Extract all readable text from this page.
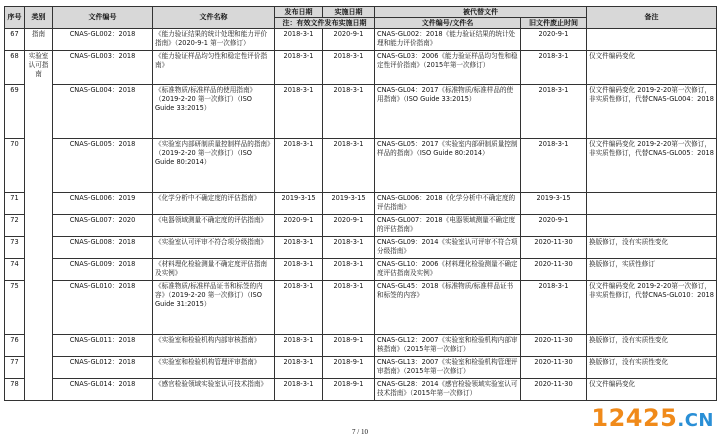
序号	类别	文件编号	文件名称	发布日期	实施日期	被代替文件		备注
				注：有效文件发布实施日期		文件编号/文件名	旧文件废止时间	
67	指南	CNAS-GL002：2018	《能力验证结果的统计处理和能力评价指南》（2020-9-1 第一次修订）	2018-3-1	2020-9-1	CNAS-GL002：2018《能力验证结果的统计处理和能力评价指南》	2020-9-1	
68	实验室认可指南	CNAS-GL003：2018	《能力验证样品均匀性和稳定性评价指南》	2018-3-1	2018-3-1	CNAS-GL03：2006《能力验证样品均匀性和稳定性评价指南》（2015年第一次修订）	2018-3-1	仅文件编码变化
69		CNAS-GL004：2018	《标准物质/标准样品的使用指南》（2019-2-20 第一次修订）（ISO Guide 33:2015）	2018-3-1	2018-3-1	CNAS-GL04：2017《标准物质/标准样品的使用指南》（ISO Guide 33:2015）	2018-3-1	仅文件编码变化 2019-2-20第一次修订，非实质性修订，代替CNAS-GL004：2018
70		CNAS-GL005：2018	《实验室内部研制质量控制样品的指南》（2019-2-20 第一次修订）（ISO Guide 80:2014）	2018-3-1	2018-3-1	CNAS-GL05：2017《实验室内部研制质量控制样品的指南》（ISO Guide 80:2014）	2018-3-1	仅文件编码变化 2019-2-20第一次修订，非实质性修订，代替CNAS-GL005：2018
71		CNAS-GL006：2019	《化学分析中不确定度的评估指南》	2019-3-15	2019-3-15	CNAS-GL006：2018《化学分析中不确定度的评估指南》	2019-3-15	
72		CNAS-GL007：2020	《电器领域测量不确定度的评估指南》	2020-9-1	2020-9-1	CNAS-GL007：2018《电器领域测量不确定度的评估指南》	2020-9-1	
73		CNAS-GL008：2018	《实验室认可评审不符合项分级指南》	2018-3-1	2018-3-1	CNAS-GL09：2014《实验室认可评审不符合项分级指南》	2020-11-30	换版修订，没有实质性变化
74		CNAS-GL009：2018	《材料理化检验测量不确定度评估指南及实例》	2018-3-1	2018-3-1	CNAS-GL10：2006《材料理化检验测量不确定度评估指南及实例》	2020-11-30	换版修订，实质性修订
75		CNAS-GL010：2018	《标准物质/标准样品证书和标签的内容》（2019-2-20 第一次修订）（ISO Guide 31:2015）	2018-3-1	2018-3-1	CNAS-GL45：2018《标准物质/标准样品证书和标签的内容》	2018-3-1	仅文件编码变化 2019-2-20第一次修订，非实质性修订，代替CNAS-GL010：2018
76		CNAS-GL011：2018	《实验室和检验机构内部审核指南》	2018-3-1	2018-9-1	CNAS-GL12：2007《实验室和检验机构内部审核指南》（2015年第一次修订）	2020-11-30	换版修订，没有实质性变化
77		CNAS-GL012：2018	《实验室和检验机构管理评审指南》	2018-3-1	2018-9-1	CNAS-GL13：2007《实验室和检验机构管理评审指南》（2015年第一次修订）	2020-11-30	换版修订，没有实质性变化
78		CNAS-GL014：2018	《感官检验领域实验室认可技术指南》	2018-3-1	2018-9-1	CNAS-GL28：2014《感官检验领域实验室认可技术指南》（2015年第一次修订）	2020-11-30	仅文件编码变化
7 / 10	12425.CN
